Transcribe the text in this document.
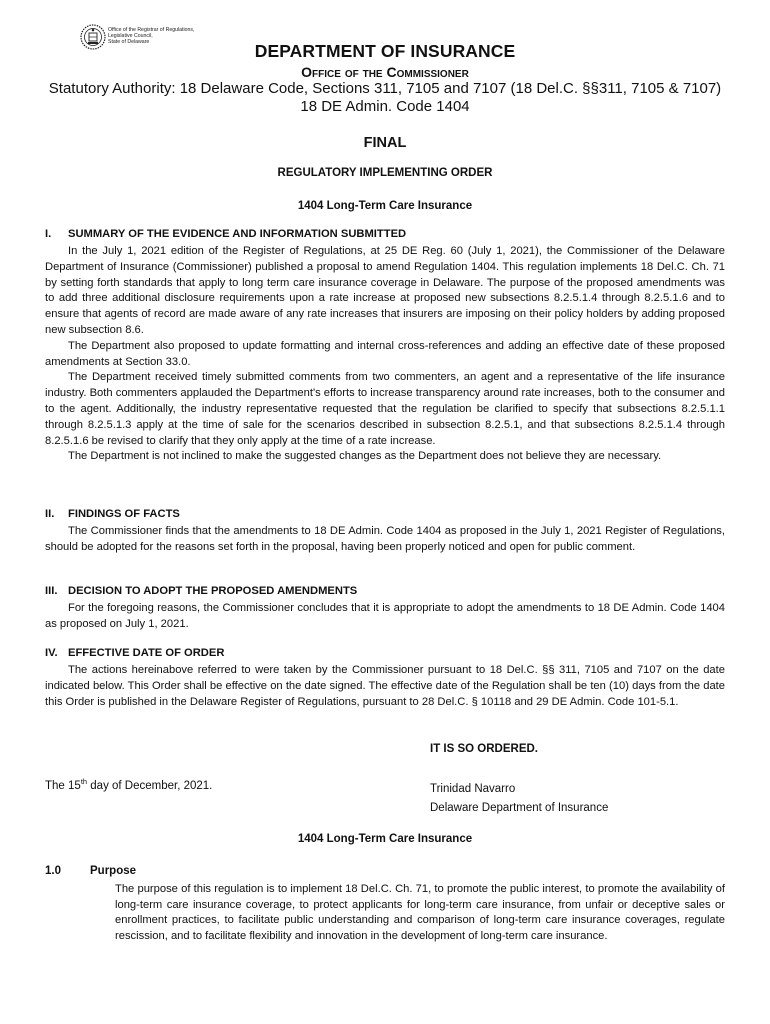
Office of the Registrar of Regulations,
Legislative Council,
State of Delaware	DEPARTMENT OF INSURANCE
Office of the Commissioner
Statutory Authority: 18 Delaware Code, Sections 311, 7105 and 7107 (18 Del.C. §§311, 7105 & 7107)
18 DE Admin. Code 1404
FINAL
REGULATORY IMPLEMENTING ORDER
1404 Long-Term Care Insurance
I. SUMMARY OF THE EVIDENCE AND INFORMATION SUBMITTED

In the July 1, 2021 edition of the Register of Regulations, at 25 DE Reg. 60 (July 1, 2021), the Commissioner of the Delaware Department of Insurance (Commissioner) published a proposal to amend Regulation 1404. This regulation implements 18 Del.C. Ch. 71 by setting forth standards that apply to long term care insurance coverage in Delaware. The purpose of the proposed amendments was to add three additional disclosure requirements upon a rate increase at proposed new subsections 8.2.5.1.4 through 8.2.5.1.6 and to ensure that agents of record are made aware of any rate increases that insurers are imposing on their policy holders by adding proposed new subsection 8.6.

The Department also proposed to update formatting and internal cross-references and adding an effective date of these proposed amendments at Section 33.0.

The Department received timely submitted comments from two commenters, an agent and a representative of the life insurance industry. Both commenters applauded the Department's efforts to increase transparency around rate increases, both to the consumer and to the agent. Additionally, the industry representative requested that the regulation be clarified to specify that subsections 8.2.5.1.1 through 8.2.5.1.3 apply at the time of sale for the scenarios described in subsection 8.2.5.1, and that subsections 8.2.5.1.4 through 8.2.5.1.6 be revised to clarify that they only apply at the time of a rate increase.

The Department is not inclined to make the suggested changes as the Department does not believe they are necessary.

II. FINDINGS OF FACTS

The Commissioner finds that the amendments to 18 DE Admin. Code 1404 as proposed in the July 1, 2021 Register of Regulations, should be adopted for the reasons set forth in the proposal, having been properly noticed and open for public comment.

III. DECISION TO ADOPT THE PROPOSED AMENDMENTS

For the foregoing reasons, the Commissioner concludes that it is appropriate to adopt the amendments to 18 DE Admin. Code 1404 as proposed on July 1, 2021.

IV. EFFECTIVE DATE OF ORDER

The actions hereinabove referred to were taken by the Commissioner pursuant to 18 Del.C. §§ 311, 7105 and 7107 on the date indicated below. This Order shall be effective on the date signed. The effective date of the Regulation shall be ten (10) days from the date this Order is published in the Delaware Register of Regulations, pursuant to 28 Del.C. § 10118 and 29 DE Admin. Code 101-5.1.

IT IS SO ORDERED.
The 15th day of December, 2021.	Trinidad Navarro
Delaware Department of Insurance
1404 Long-Term Care Insurance
1.0	Purpose

The purpose of this regulation is to implement 18 Del.C. Ch. 71, to promote the public interest, to promote the availability of long-term care insurance coverage, to protect applicants for long-term care insurance, from unfair or deceptive sales or enrollment practices, to facilitate public understanding and comparison of long-term care insurance coverages, regulate rescission, and to facilitate flexibility and innovation in the development of long-term care insurance.
